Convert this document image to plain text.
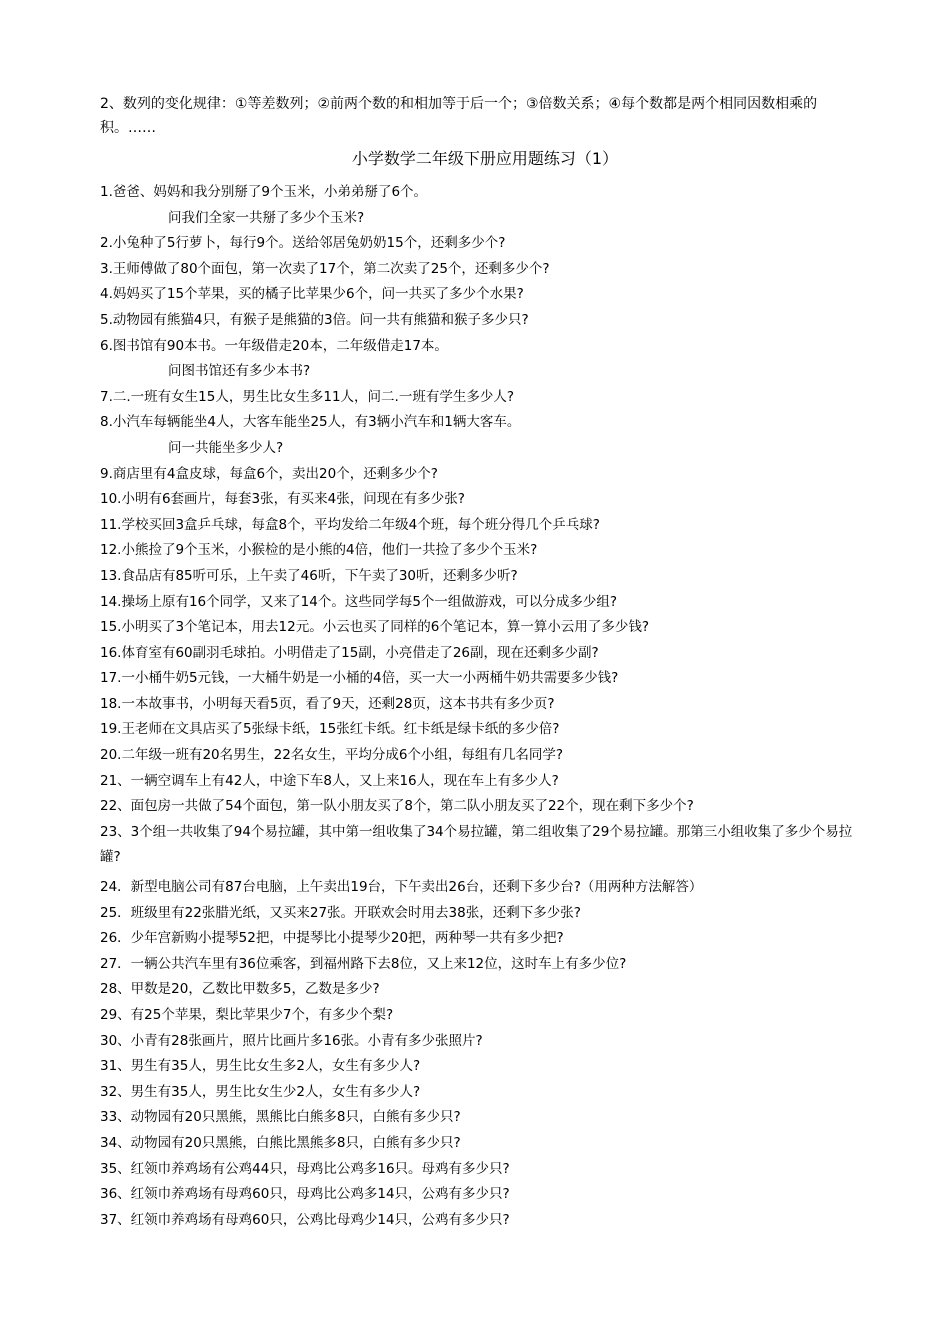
2、数列的变化规律：①等差数列；②前两个数的和相加等于后一个；③倍数关系；④每个数都是两个相同因数相乘的积。……

小学数学二年级下册应用题练习（1）
1.爸爸、妈妈和我分别掰了9个玉米，小弟弟掰了6个。
问我们全家一共掰了多少个玉米?
2.小兔种了5行萝卜，每行9个。送给邻居兔奶奶15个，还剩多少个?
3.王师傅做了80个面包，第一次卖了17个，第二次卖了25个，还剩多少个?
4.妈妈买了15个苹果，买的橘子比苹果少6个，问一共买了多少个水果?
5.动物园有熊猫4只，有猴子是熊猫的3倍。问一共有熊猫和猴子多少只?
6.图书馆有90本书。一年级借走20本，二年级借走17本。
问图书馆还有多少本书?
7.二.一班有女生15人，男生比女生多11人，问二.一班有学生多少人?
8.小汽车每辆能坐4人，大客车能坐25人，有3辆小汽车和1辆大客车。
问一共能坐多少人?
9.商店里有4盒皮球，每盒6个，卖出20个，还剩多少个?
10.小明有6套画片，每套3张，有买来4张，问现在有多少张?
11.学校买回3盒乒乓球，每盒8个，平均发给二年级4个班，每个班分得几个乒乓球?
12.小熊捡了9个玉米，小猴检的是小熊的4倍，他们一共捡了多少个玉米?
13.食品店有85听可乐，上午卖了46听，下午卖了30听，还剩多少听?
14.操场上原有16个同学，又来了14个。这些同学每5个一组做游戏，可以分成多少组?
15.小明买了3个笔记本，用去12元。小云也买了同样的6个笔记本，算一算小云用了多少钱?
16.体育室有60副羽毛球拍。小明借走了15副，小亮借走了26副，现在还剩多少副?
17.一小桶牛奶5元钱，一大桶牛奶是一小桶的4倍，买一大一小两桶牛奶共需要多少钱?
18.一本故事书，小明每天看5页，看了9天，还剩28页，这本书共有多少页?
19.王老师在文具店买了5张绿卡纸，15张红卡纸。红卡纸是绿卡纸的多少倍?
20.二年级一班有20名男生，22名女生，平均分成6个小组，每组有几名同学?
21、一辆空调车上有42人，中途下车8人，又上来16人，现在车上有多少人?
22、面包房一共做了54个面包，第一队小朋友买了8个，第二队小朋友买了22个，现在剩下多少个?
23、3个组一共收集了94个易拉罐，其中第一组收集了34个易拉罐，第二组收集了29个易拉罐。那第三小组收集了多少个易拉罐?
24．新型电脑公司有87台电脑，上午卖出19台，下午卖出26台，还剩下多少台?（用两种方法解答）
25．班级里有22张腊光纸，又买来27张。开联欢会时用去38张，还剩下多少张?
26．少年宫新购小提琴52把，中提琴比小提琴少20把，两种琴一共有多少把?
27．一辆公共汽车里有36位乘客，到福州路下去8位，又上来12位，这时车上有多少位?
28、甲数是20，乙数比甲数多5，乙数是多少?
29、有25个苹果，梨比苹果少7个，有多少个梨?
30、小青有28张画片，照片比画片多16张。小青有多少张照片?
31、男生有35人，男生比女生多2人，女生有多少人?
32、男生有35人，男生比女生少2人，女生有多少人?
33、动物园有20只黑熊，黑熊比白熊多8只，白熊有多少只?
34、动物园有20只黑熊，白熊比黑熊多8只，白熊有多少只?
35、红领巾养鸡场有公鸡44只，母鸡比公鸡多16只。母鸡有多少只?
36、红领巾养鸡场有母鸡60只，母鸡比公鸡多14只，公鸡有多少只?
37、红领巾养鸡场有母鸡60只，公鸡比母鸡少14只，公鸡有多少只?
